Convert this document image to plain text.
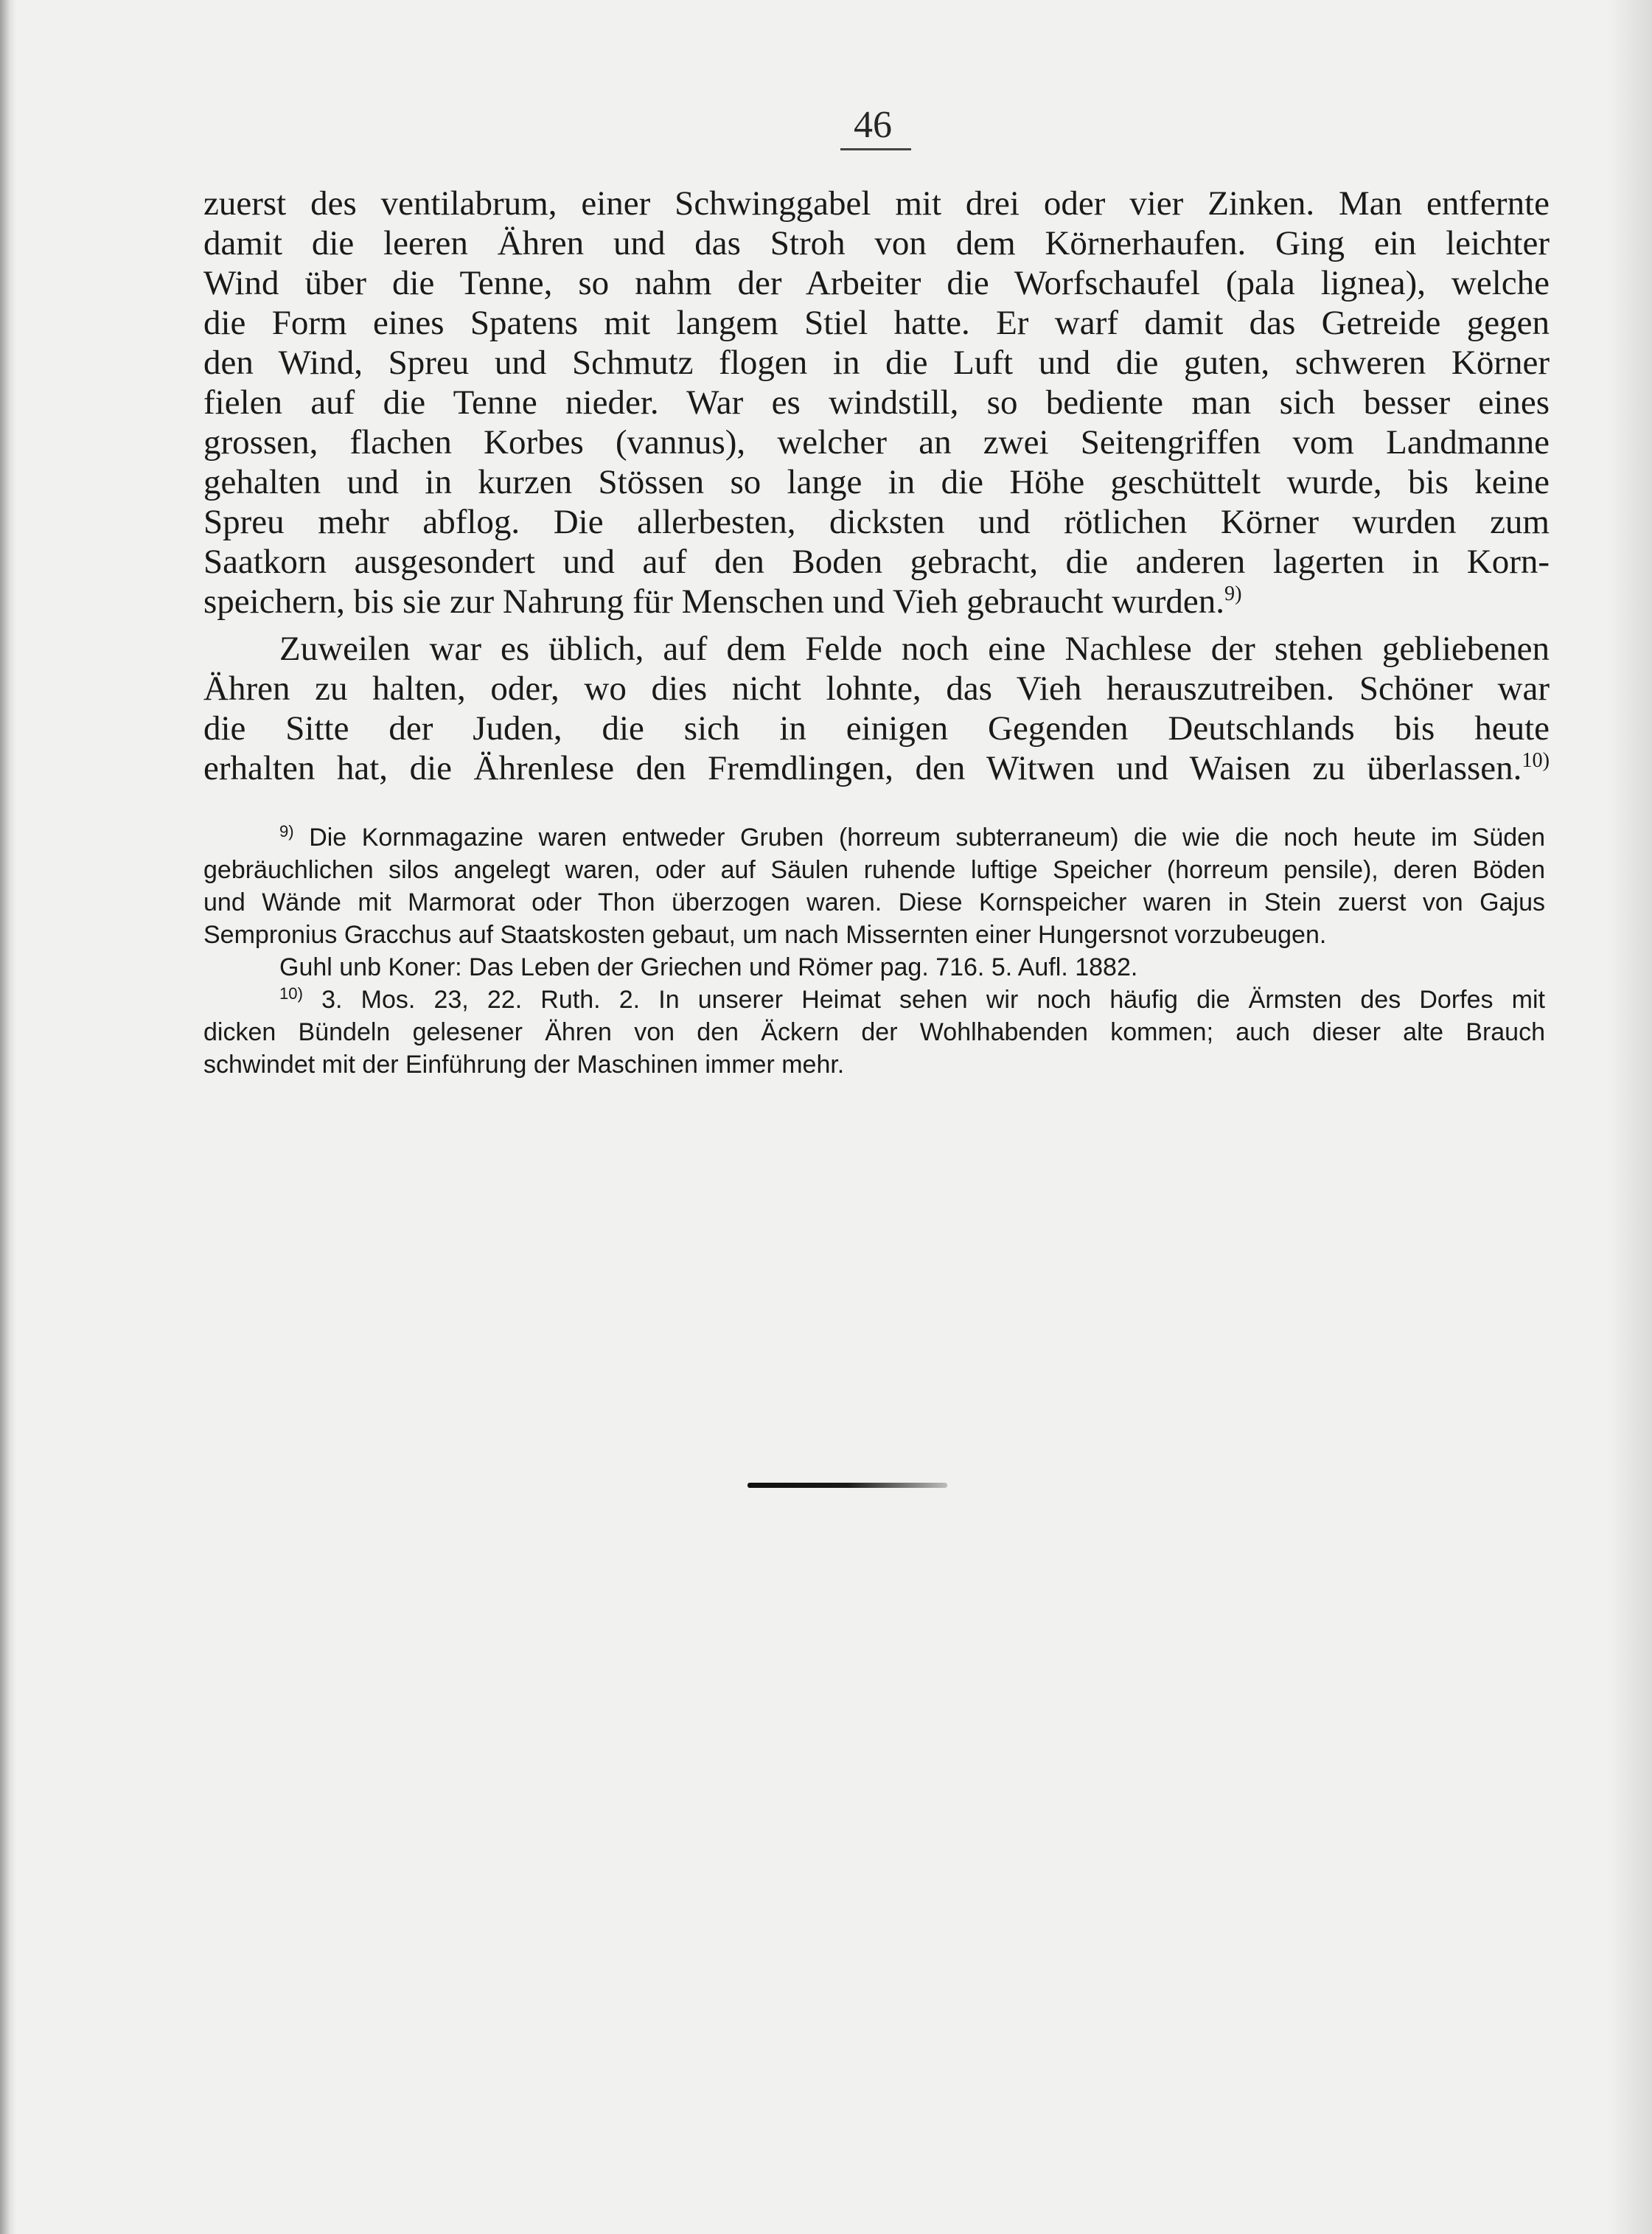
46
zuerst des ventilabrum, einer Schwinggabel mit drei oder vier Zinken. Man entfernte
damit die leeren Ähren und das Stroh von dem Körnerhaufen. Ging ein leichter
Wind über die Tenne, so nahm der Arbeiter die Worfschaufel (pala lignea), welche
die Form eines Spatens mit langem Stiel hatte. Er warf damit das Getreide gegen
den Wind, Spreu und Schmutz flogen in die Luft und die guten, schweren Körner
fielen auf die Tenne nieder. War es windstill, so bediente man sich besser eines
grossen, flachen Korbes (vannus), welcher an zwei Seitengriffen vom Landmanne
gehalten und in kurzen Stössen so lange in die Höhe geschüttelt wurde, bis keine
Spreu mehr abflog. Die allerbesten, dicksten und rötlichen Körner wurden zum
Saatkorn ausgesondert und auf den Boden gebracht, die anderen lagerten in Korn-
speichern, bis sie zur Nahrung für Menschen und Vieh gebraucht wurden.$^{9)}$
Zuweilen war es üblich, auf dem Felde noch eine Nachlese der stehen gebliebenen
Ähren zu halten, oder, wo dies nicht lohnte, das Vieh herauszutreiben. Schöner war
die Sitte der Juden, die sich in einigen Gegenden Deutschlands bis heute
erhalten hat, die Ährenlese den Fremdlingen, den Witwen und Waisen zu überlassen.$^{10)}$
$^{9)}$ Die Kornmagazine waren entweder Gruben (horreum subterraneum) die wie die noch heute im Süden
gebräuchlichen silos angelegt waren, oder auf Säulen ruhende luftige Speicher (horreum pensile), deren Böden
und Wände mit Marmorat oder Thon überzogen waren. Diese Kornspeicher waren in Stein zuerst von Gajus
Sempronius Gracchus auf Staatskosten gebaut, um nach Missernten einer Hungersnot vorzubeugen.
Guhl unb Koner: Das Leben der Griechen und Römer pag. 716. 5. Aufl. 1882.
$^{10)}$ 3. Mos. 23, 22. Ruth. 2. In unserer Heimat sehen wir noch häufig die Ärmsten des Dorfes mit
dicken Bündeln gelesener Ähren von den Äckern der Wohlhabenden kommen; auch dieser alte Brauch
schwindet mit der Einführung der Maschinen immer mehr.
